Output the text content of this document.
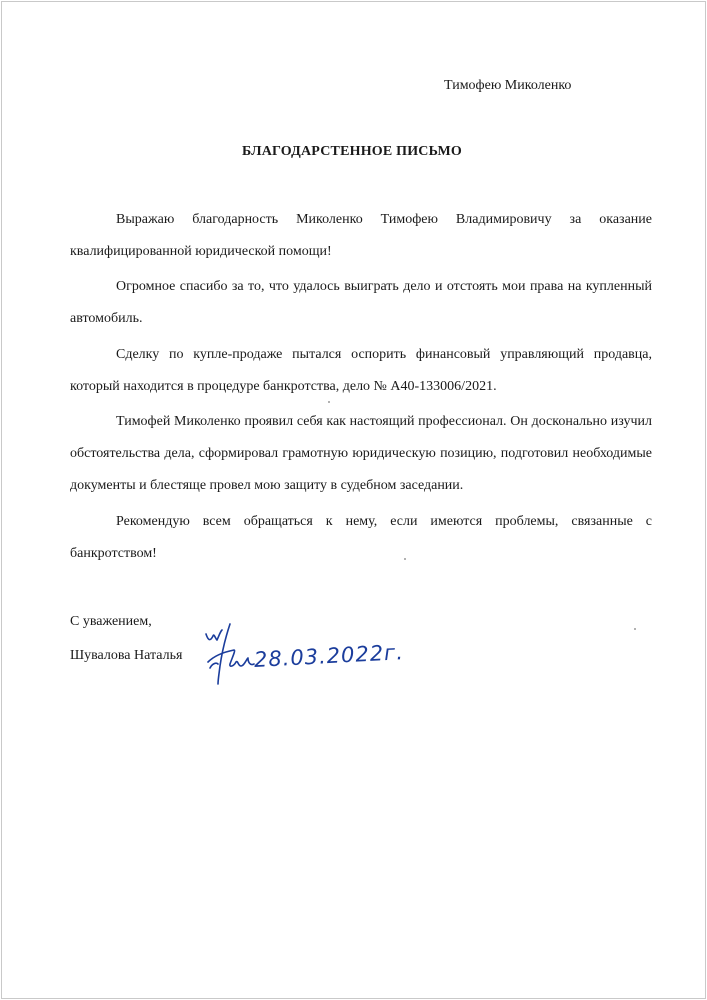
Тимофею Миколенко
БЛАГОДАРСТЕННОЕ ПИСЬМО
Выражаю благодарность Миколенко Тимофею Владимировичу за оказание квалифицированной юридической помощи!
Огромное спасибо за то, что удалось выиграть дело и отстоять мои права на купленный автомобиль.
Сделку по купле-продаже пытался оспорить финансовый управляющий продавца, который находится в процедуре банкротства, дело № А40-133006/2021.
Тимофей Миколенко проявил себя как настоящий профессионал. Он досконально изучил обстоятельства дела, сформировал грамотную юридическую позицию, подготовил необходимые документы и блестяще провел мою защиту в судебном заседании.
Рекомендую всем обращаться к нему, если имеются проблемы, связанные с банкротством!
С уважением,
Шувалова Наталья	28.03.2022г.
